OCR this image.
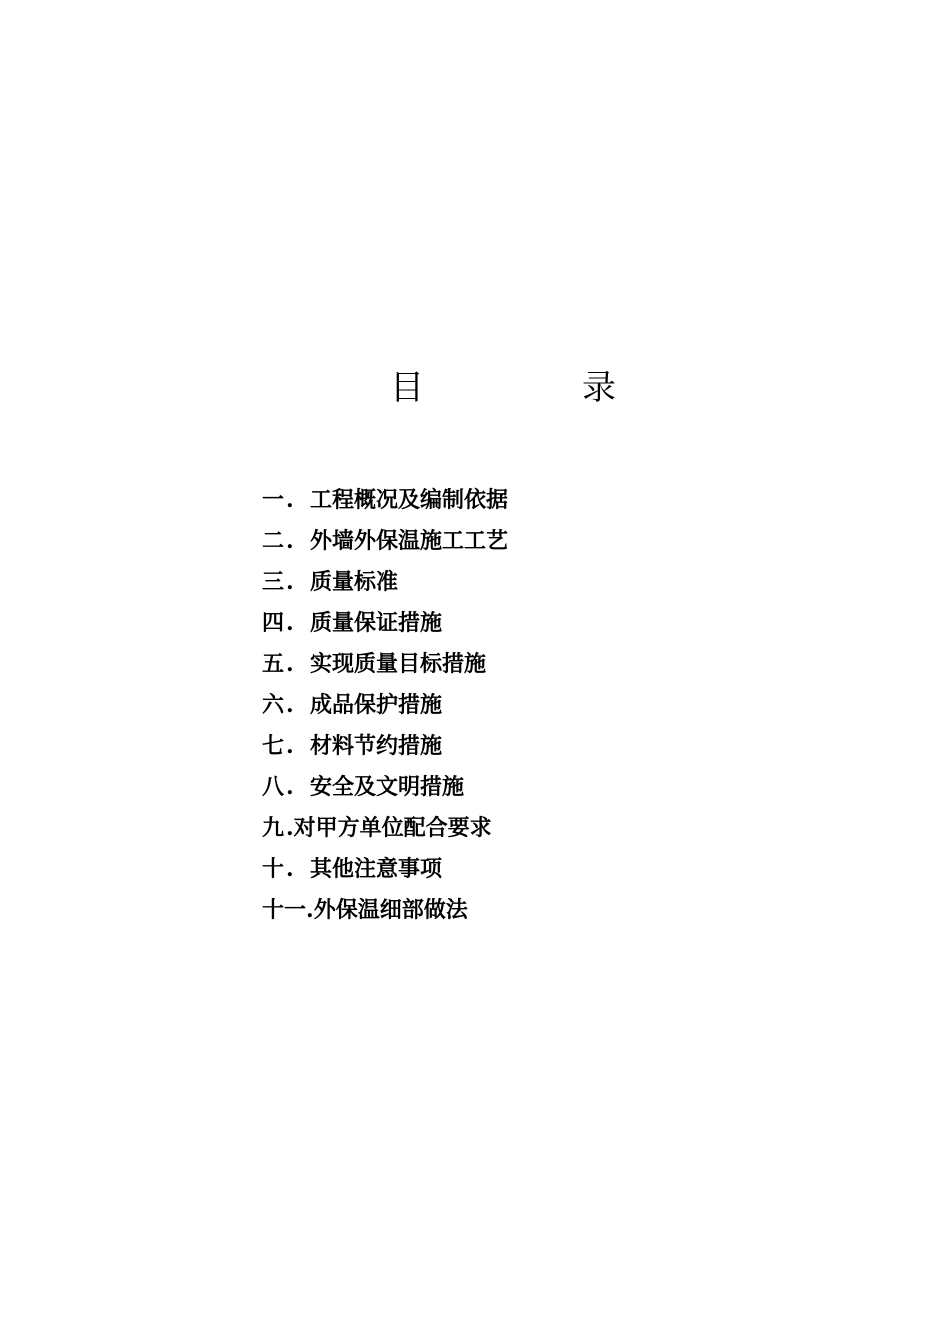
目	录
一. 工程概况及编制依据
二. 外墙外保温施工工艺
三. 质量标准
四. 质量保证措施
五. 实现质量目标措施
六. 成品保护措施
七. 材料节约措施
八. 安全及文明措施
九.对甲方单位配合要求
十. 其他注意事项
十一.外保温细部做法
